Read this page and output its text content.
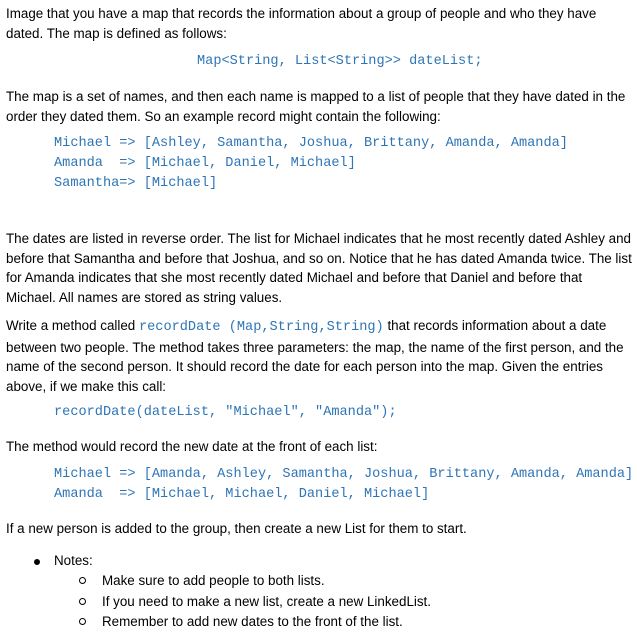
Image that you have a map that records the information about a group of people and who they have dated. The map is defined as follows:
Map<String, List<String>> dateList;
The map is a set of names, and then each name is mapped to a list of people that they have dated in the order they dated them. So an example record might contain the following:
Michael => [Ashley, Samantha, Joshua, Brittany, Amanda, Amanda]
Amanda  => [Michael, Daniel, Michael]
Samantha=> [Michael]
The dates are listed in reverse order. The list for Michael indicates that he most recently dated Ashley and before that Samantha and before that Joshua, and so on. Notice that he has dated Amanda twice. The list for Amanda indicates that she most recently dated Michael and before that Daniel and before that Michael. All names are stored as string values.
Write a method called recordDate (Map,String,String) that records information about a date between two people. The method takes three parameters: the map, the name of the first person, and the name of the second person. It should record the date for each person into the map. Given the entries above, if we make this call:
recordDate(dateList, "Michael", "Amanda");
The method would record the new date at the front of each list:
Michael => [Amanda, Ashley, Samantha, Joshua, Brittany, Amanda, Amanda]
Amanda  => [Michael, Michael, Daniel, Michael]
If a new person is added to the group, then create a new List for them to start.
Notes:
Make sure to add people to both lists.
If you need to make a new list, create a new LinkedList.
Remember to add new dates to the front of the list.
